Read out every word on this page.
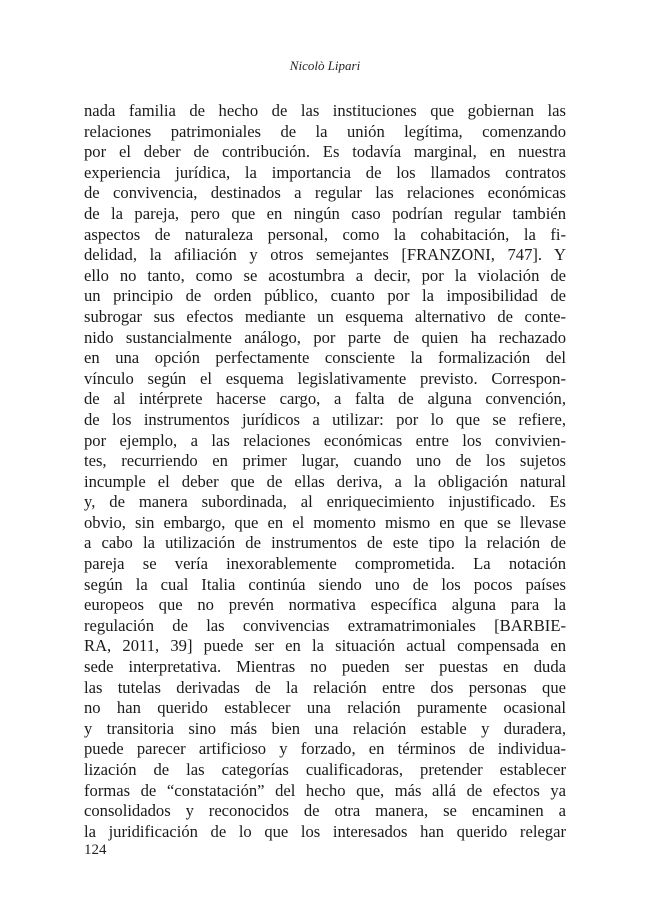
Nicolò Lipari
nada familia de hecho de las instituciones que gobiernan las
relaciones patrimoniales de la unión legítima, comenzando
por el deber de contribución. Es todavía marginal, en nuestra
experiencia jurídica, la importancia de los llamados contratos
de convivencia, destinados a regular las relaciones económicas
de la pareja, pero que en ningún caso podrían regular también
aspectos de naturaleza personal, como la cohabitación, la fi-
delidad, la afiliación y otros semejantes [FRANZONI, 747]. Y
ello no tanto, como se acostumbra a decir, por la violación de
un principio de orden público, cuanto por la imposibilidad de
subrogar sus efectos mediante un esquema alternativo de conte-
nido sustancialmente análogo, por parte de quien ha rechazado
en una opción perfectamente consciente la formalización del
vínculo según el esquema legislativamente previsto. Correspon-
de al intérprete hacerse cargo, a falta de alguna convención,
de los instrumentos jurídicos a utilizar: por lo que se refiere,
por ejemplo, a las relaciones económicas entre los convivien-
tes, recurriendo en primer lugar, cuando uno de los sujetos
incumple el deber que de ellas deriva, a la obligación natural
y, de manera subordinada, al enriquecimiento injustificado. Es
obvio, sin embargo, que en el momento mismo en que se llevase
a cabo la utilización de instrumentos de este tipo la relación de
pareja se vería inexorablemente comprometida. La notación
según la cual Italia continúa siendo uno de los pocos países
europeos que no prevén normativa específica alguna para la
regulación de las convivencias extramatrimoniales [BARBIE-
RA, 2011, 39] puede ser en la situación actual compensada en
sede interpretativa. Mientras no pueden ser puestas en duda
las tutelas derivadas de la relación entre dos personas que
no han querido establecer una relación puramente ocasional
y transitoria sino más bien una relación estable y duradera,
puede parecer artificioso y forzado, en términos de individua-
lización de las categorías cualificadoras, pretender establecer
formas de “constatación” del hecho que, más allá de efectos ya
consolidados y reconocidos de otra manera, se encaminen a
la juridificación de lo que los interesados han querido relegar
124
